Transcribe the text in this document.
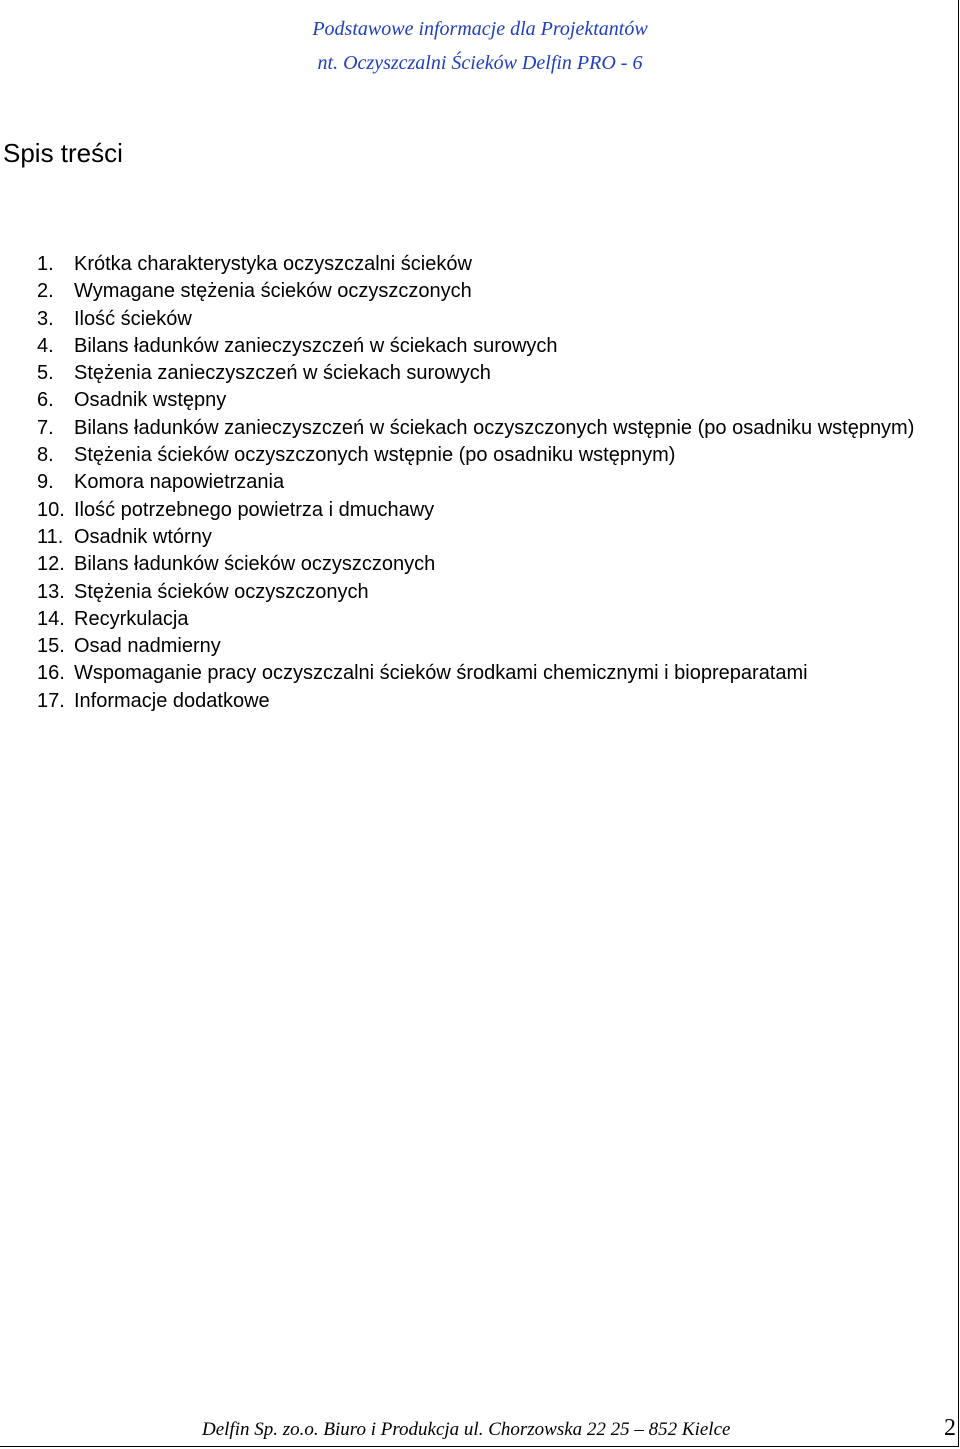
Podstawowe informacje dla Projektantów
nt. Oczyszczalni Ścieków Delfin PRO - 6
Spis treści
1.	Krótka charakterystyka oczyszczalni ścieków
2.	Wymagane stężenia ścieków oczyszczonych
3.	Ilość ścieków
4.	Bilans ładunków zanieczyszczeń w ściekach surowych
5.	Stężenia zanieczyszczeń w ściekach surowych
6.	Osadnik wstępny
7.	Bilans ładunków zanieczyszczeń w ściekach oczyszczonych wstępnie (po osadniku wstępnym)
8.	Stężenia ścieków oczyszczonych wstępnie (po osadniku wstępnym)
9.	Komora napowietrzania
10. Ilość potrzebnego powietrza i dmuchawy
11. Osadnik wtórny
12. Bilans ładunków ścieków oczyszczonych
13. Stężenia ścieków oczyszczonych
14. Recyrkulacja
15. Osad nadmierny
16. Wspomaganie pracy oczyszczalni ścieków środkami chemicznymi i biopreparatami
17. Informacje dodatkowe
Delfin Sp. zo.o. Biuro i Produkcja ul. Chorzowska 22 25 – 852 Kielce	2
